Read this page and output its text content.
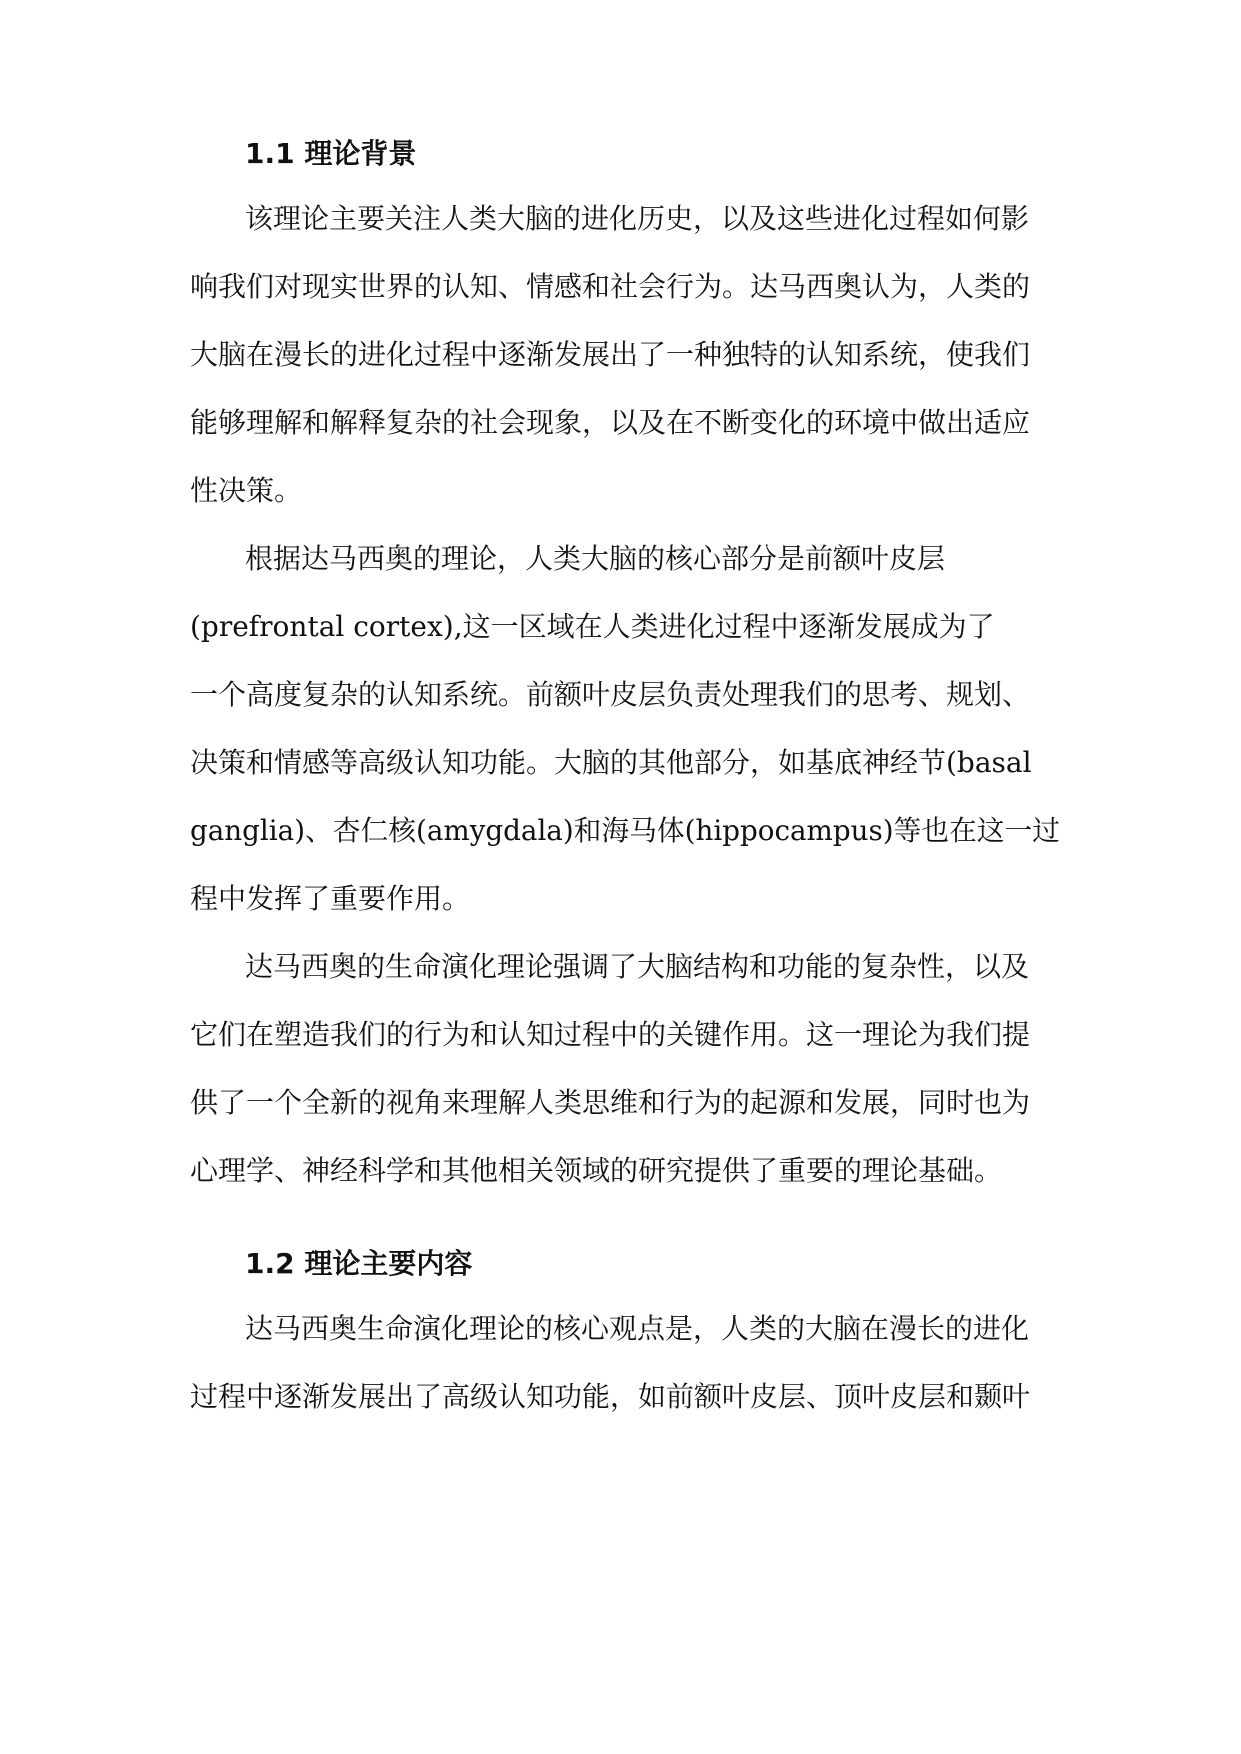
1.1 理论背景
该理论主要关注人类大脑的进化历史，以及这些进化过程如何影
响我们对现实世界的认知、情感和社会行为。达马西奥认为，人类的
大脑在漫长的进化过程中逐渐发展出了一种独特的认知系统，使我们
能够理解和解释复杂的社会现象，以及在不断变化的环境中做出适应
性决策。
根据达马西奥的理论，人类大脑的核心部分是前额叶皮层
(prefrontal cortex),这一区域在人类进化过程中逐渐发展成为了
一个高度复杂的认知系统。前额叶皮层负责处理我们的思考、规划、
决策和情感等高级认知功能。大脑的其他部分，如基底神经节(basal
ganglia)、杏仁核(amygdala)和海马体(hippocampus)等也在这一过
程中发挥了重要作用。
达马西奥的生命演化理论强调了大脑结构和功能的复杂性，以及
它们在塑造我们的行为和认知过程中的关键作用。这一理论为我们提
供了一个全新的视角来理解人类思维和行为的起源和发展，同时也为
心理学、神经科学和其他相关领域的研究提供了重要的理论基础。
1.2 理论主要内容
达马西奥生命演化理论的核心观点是，人类的大脑在漫长的进化
过程中逐渐发展出了高级认知功能，如前额叶皮层、顶叶皮层和颞叶
